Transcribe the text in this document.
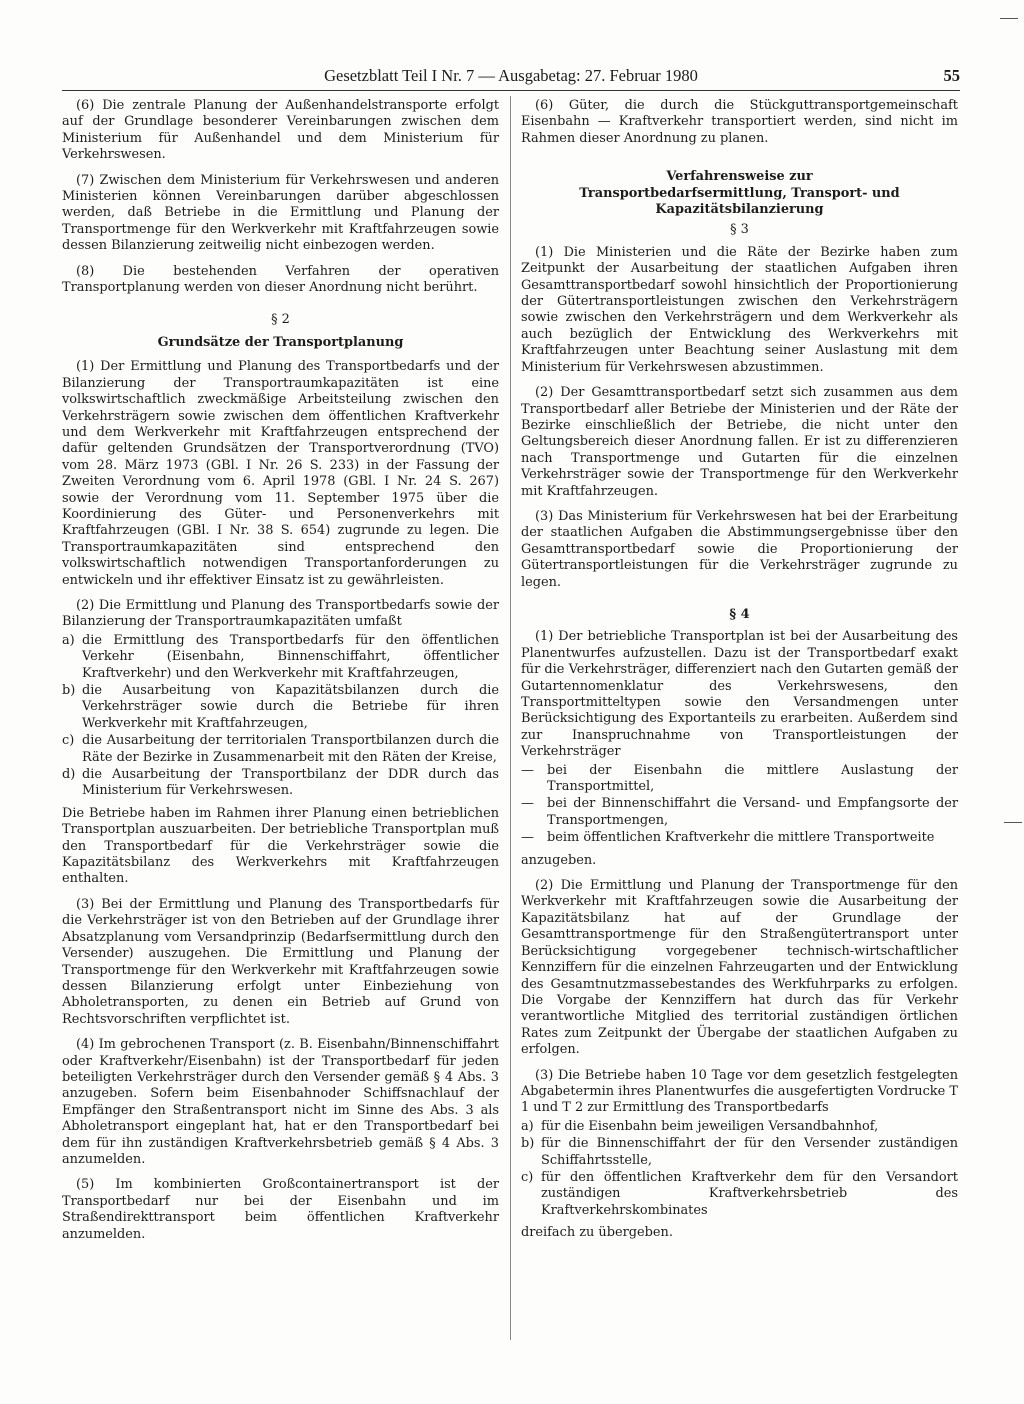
Gesetzblatt Teil I Nr. 7 — Ausgabetag: 27. Februar 1980	55

(6) Die zentrale Planung der Außenhandelstransporte erfolgt auf der Grundlage besonderer Vereinbarungen zwischen dem Ministerium für Außenhandel und dem Ministerium für Verkehrswesen.

(7) Zwischen dem Ministerium für Verkehrswesen und anderen Ministerien können Vereinbarungen darüber abgeschlossen werden, daß Betriebe in die Ermittlung und Planung der Transportmenge für den Werkverkehr mit Kraftfahrzeugen sowie dessen Bilanzierung zeitweilig nicht einbezogen werden.

(8) Die bestehenden Verfahren der operativen Transportplanung werden von dieser Anordnung nicht berührt.

§ 2
Grundsätze der Transportplanung

(1) Der Ermittlung und Planung des Transportbedarfs und der Bilanzierung der Transportraumkapazitäten ist eine volkswirtschaftlich zweckmäßige Arbeitsteilung zwischen den Verkehrsträgern sowie zwischen dem öffentlichen Kraftverkehr und dem Werkverkehr mit Kraftfahrzeugen entsprechend der dafür geltenden Grundsätzen der Transportverordnung (TVO) vom 28. März 1973 (GBl. I Nr. 26 S. 233) in der Fassung der Zweiten Verordnung vom 6. April 1978 (GBl. I Nr. 24 S. 267) sowie der Verordnung vom 11. September 1975 über die Koordinierung des Güter- und Personenverkehrs mit Kraftfahrzeugen (GBl. I Nr. 38 S. 654) zugrunde zu legen. Die Transportraumkapazitäten sind entsprechend den volkswirtschaftlich notwendigen Transportanforderungen zu entwickeln und ihr effektiver Einsatz ist zu gewährleisten.

(2) Die Ermittlung und Planung des Transportbedarfs sowie der Bilanzierung der Transportraumkapazitäten umfaßt

a) die Ermittlung des Transportbedarfs für den öffentlichen Verkehr (Eisenbahn, Binnenschiffahrt, öffentlicher Kraftverkehr) und den Werkverkehr mit Kraftfahrzeugen,
b) die Ausarbeitung von Kapazitätsbilanzen durch die Verkehrsträger sowie durch die Betriebe für ihren Werkverkehr mit Kraftfahrzeugen,
c) die Ausarbeitung der territorialen Transportbilanzen durch die Räte der Bezirke in Zusammenarbeit mit den Räten der Kreise,
d) die Ausarbeitung der Transportbilanz der DDR durch das Ministerium für Verkehrswesen.

Die Betriebe haben im Rahmen ihrer Planung einen betrieblichen Transportplan auszuarbeiten. Der betriebliche Transportplan muß den Transportbedarf für die Verkehrsträger sowie die Kapazitätsbilanz des Werkverkehrs mit Kraftfahrzeugen enthalten.

(3) Bei der Ermittlung und Planung des Transportbedarfs für die Verkehrsträger ist von den Betrieben auf der Grundlage ihrer Absatzplanung vom Versandprinzip (Bedarfsermittlung durch den Versender) auszugehen. Die Ermittlung und Planung der Transportmenge für den Werkverkehr mit Kraftfahrzeugen sowie dessen Bilanzierung erfolgt unter Einbeziehung von Abholetransporten, zu denen ein Betrieb auf Grund von Rechtsvorschriften verpflichtet ist.

(4) Im gebrochenen Transport (z. B. Eisenbahn/Binnenschiffahrt oder Kraftverkehr/Eisenbahn) ist der Transportbedarf für jeden beteiligten Verkehrsträger durch den Versender gemäß § 4 Abs. 3 anzugeben. Sofern beim Eisenbahnoder Schiffsnachlauf der Empfänger den Straßentransport nicht im Sinne des Abs. 3 als Abholetransport eingeplant hat, hat er den Transportbedarf bei dem für ihn zuständigen Kraftverkehrsbetrieb gemäß § 4 Abs. 3 anzumelden.

(5) Im kombinierten Großcontainertransport ist der Transportbedarf nur bei der Eisenbahn und im Straßendirekttransport beim öffentlichen Kraftverkehr anzumelden.

(6) Güter, die durch die Stückguttransportgemeinschaft Eisenbahn — Kraftverkehr transportiert werden, sind nicht im Rahmen dieser Anordnung zu planen.

Verfahrensweise zur Transportbedarfsermittlung, Transport- und Kapazitätsbilanzierung
§ 3

(1) Die Ministerien und die Räte der Bezirke haben zum Zeitpunkt der Ausarbeitung der staatlichen Aufgaben ihren Gesamttransportbedarf sowohl hinsichtlich der Proportionierung der Gütertransportleistungen zwischen den Verkehrsträgern sowie zwischen den Verkehrsträgern und dem Werkverkehr als auch bezüglich der Entwicklung des Werkverkehrs mit Kraftfahrzeugen unter Beachtung seiner Auslastung mit dem Ministerium für Verkehrswesen abzustimmen.

(2) Der Gesamttransportbedarf setzt sich zusammen aus dem Transportbedarf aller Betriebe der Ministerien und der Räte der Bezirke einschließlich der Betriebe, die nicht unter den Geltungsbereich dieser Anordnung fallen. Er ist zu differenzieren nach Transportmenge und Gutarten für die einzelnen Verkehrsträger sowie der Transportmenge für den Werkverkehr mit Kraftfahrzeugen.

(3) Das Ministerium für Verkehrswesen hat bei der Erarbeitung der staatlichen Aufgaben die Abstimmungsergebnisse über den Gesamttransportbedarf sowie die Proportionierung der Gütertransportleistungen für die Verkehrsträger zugrunde zu legen.

§ 4

(1) Der betriebliche Transportplan ist bei der Ausarbeitung des Planentwurfes aufzustellen. Dazu ist der Transportbedarf exakt für die Verkehrsträger, differenziert nach den Gutarten gemäß der Gutartennomenklatur des Verkehrswesens, den Transportmitteltypen sowie den Versandmengen unter Berücksichtigung des Exportanteils zu erarbeiten. Außerdem sind zur Inanspruchnahme von Transportleistungen der Verkehrsträger

— bei der Eisenbahn die mittlere Auslastung der Transportmittel,
— bei der Binnenschiffahrt die Versand- und Empfangsorte der Transportmengen,
— beim öffentlichen Kraftverkehr die mittlere Transportweite

anzugeben.

(2) Die Ermittlung und Planung der Transportmenge für den Werkverkehr mit Kraftfahrzeugen sowie die Ausarbeitung der Kapazitätsbilanz hat auf der Grundlage der Gesamttransportmenge für den Straßengütertransport unter Berücksichtigung vorgegebener technisch-wirtschaftlicher Kennziffern für die einzelnen Fahrzeugarten und der Entwicklung des Gesamtnutzmassebestandes des Werkfuhrparks zu erfolgen. Die Vorgabe der Kennziffern hat durch das für Verkehr verantwortliche Mitglied des territorial zuständigen örtlichen Rates zum Zeitpunkt der Übergabe der staatlichen Aufgaben zu erfolgen.

(3) Die Betriebe haben 10 Tage vor dem gesetzlich festgelegten Abgabetermin ihres Planentwurfes die ausgefertigten Vordrucke T 1 und T 2 zur Ermittlung des Transportbedarfs

a) für die Eisenbahn beim jeweiligen Versandbahnhof,
b) für die Binnenschiffahrt der für den Versender zuständigen Schiffahrtsstelle,
c) für den öffentlichen Kraftverkehr dem für den Versandort zuständigen Kraftverkehrsbetrieb des Kraftverkehrskombinates

dreifach zu übergeben.
